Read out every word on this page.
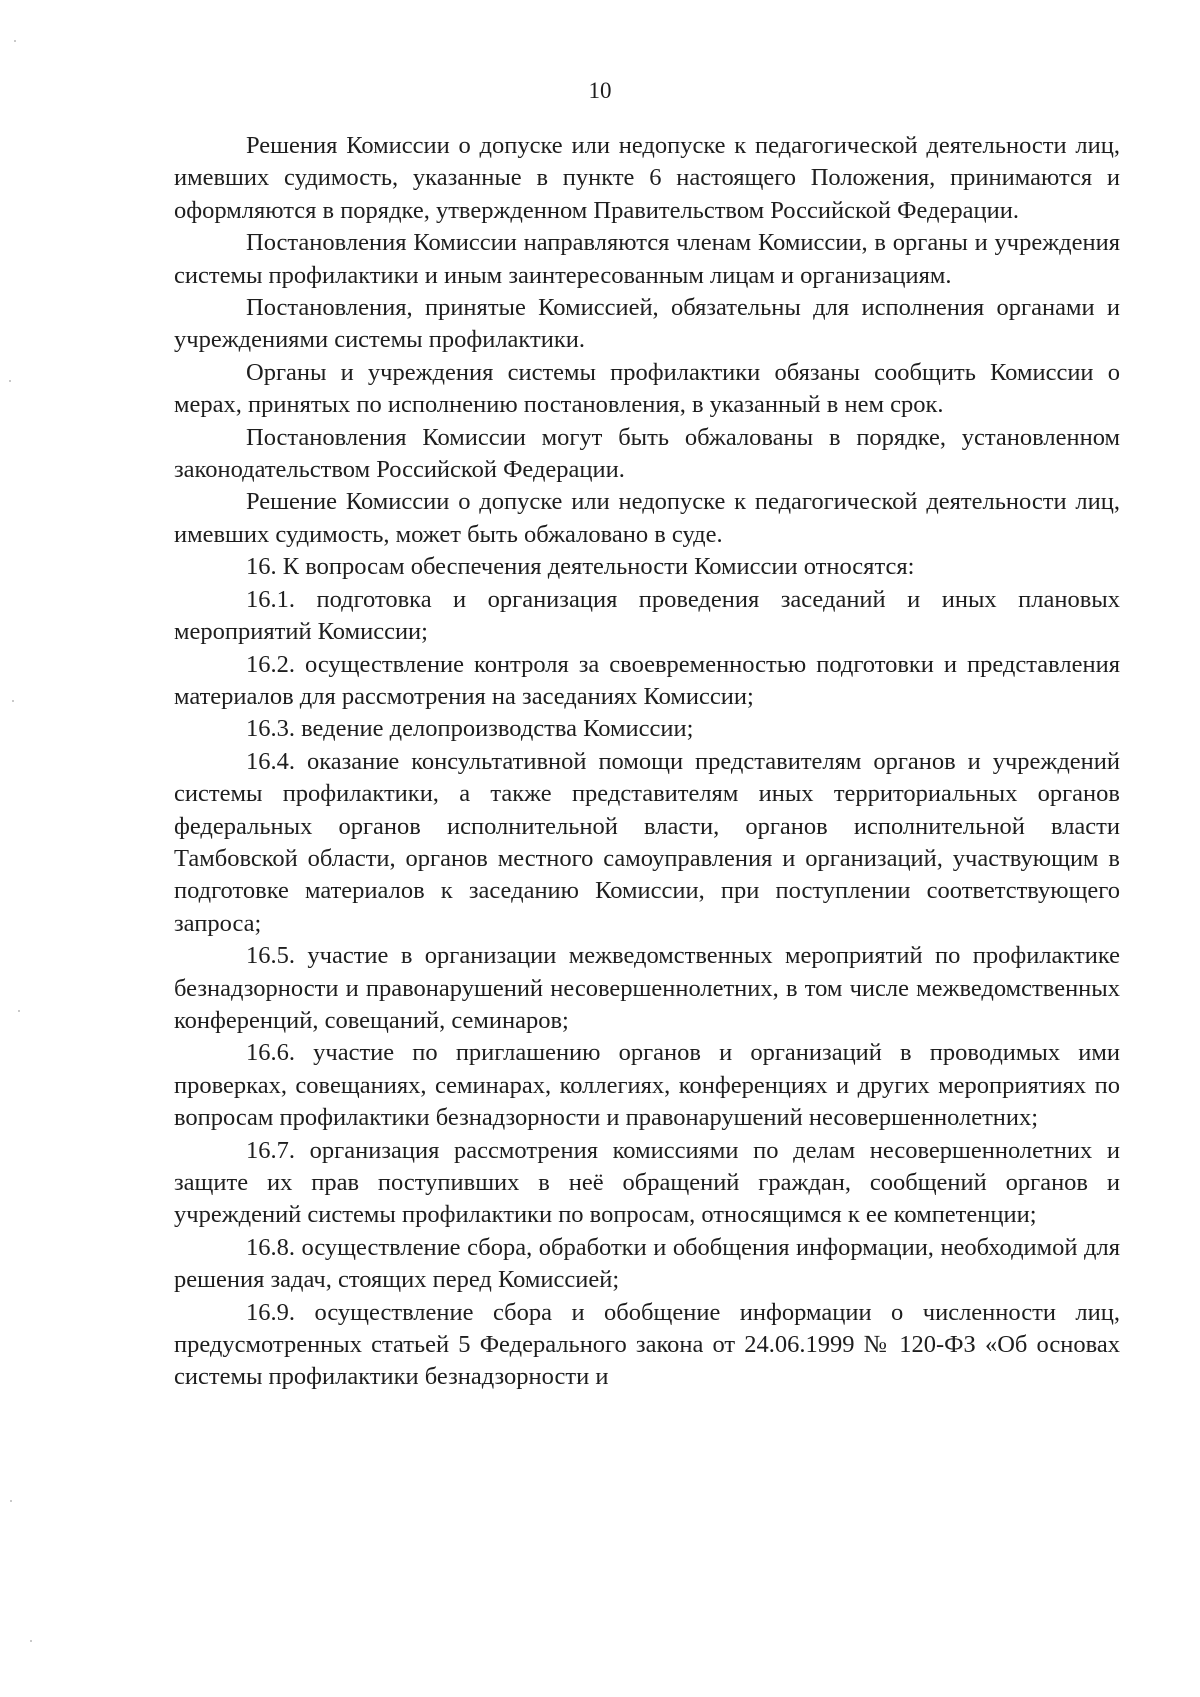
10

Решения Комиссии о допуске или недопуске к педагогической деятельности лиц, имевших судимость, указанные в пункте 6 настоящего Положения, принимаются и оформляются в порядке, утвержденном Правительством Российской Федерации.

Постановления Комиссии направляются членам Комиссии, в органы и учреждения системы профилактики и иным заинтересованным лицам и организациям.

Постановления, принятые Комиссией, обязательны для исполнения органами и учреждениями системы профилактики.

Органы и учреждения системы профилактики обязаны сообщить Комиссии о мерах, принятых по исполнению постановления, в указанный в нем срок.

Постановления Комиссии могут быть обжалованы в порядке, установленном законодательством Российской Федерации.

Решение Комиссии о допуске или недопуске к педагогической деятельности лиц, имевших судимость, может быть обжаловано в суде.

16. К вопросам обеспечения деятельности Комиссии относятся:

16.1. подготовка и организация проведения заседаний и иных плановых мероприятий Комиссии;

16.2. осуществление контроля за своевременностью подготовки и представления материалов для рассмотрения на заседаниях Комиссии;

16.3. ведение делопроизводства Комиссии;

16.4. оказание консультативной помощи представителям органов и учреждений системы профилактики, а также представителям иных территориальных органов федеральных органов исполнительной власти, органов исполнительной власти Тамбовской области, органов местного самоуправления и организаций, участвующим в подготовке материалов к заседанию Комиссии, при поступлении соответствующего запроса;

16.5. участие в организации межведомственных мероприятий по профилактике безнадзорности и правонарушений несовершеннолетних, в том числе межведомственных конференций, совещаний, семинаров;

16.6. участие по приглашению органов и организаций в проводимых ими проверках, совещаниях, семинарах, коллегиях, конференциях и других мероприятиях по вопросам профилактики безнадзорности и правонарушений несовершеннолетних;

16.7. организация рассмотрения комиссиями по делам несовершеннолетних и защите их прав поступивших в неё обращений граждан, сообщений органов и учреждений системы профилактики по вопросам, относящимся к ее компетенции;

16.8. осуществление сбора, обработки и обобщения информации, необходимой для решения задач, стоящих перед Комиссией;

16.9. осуществление сбора и обобщение информации о численности лиц, предусмотренных статьей 5 Федерального закона от 24.06.1999 № 120-ФЗ «Об основах системы профилактики безнадзорности и
